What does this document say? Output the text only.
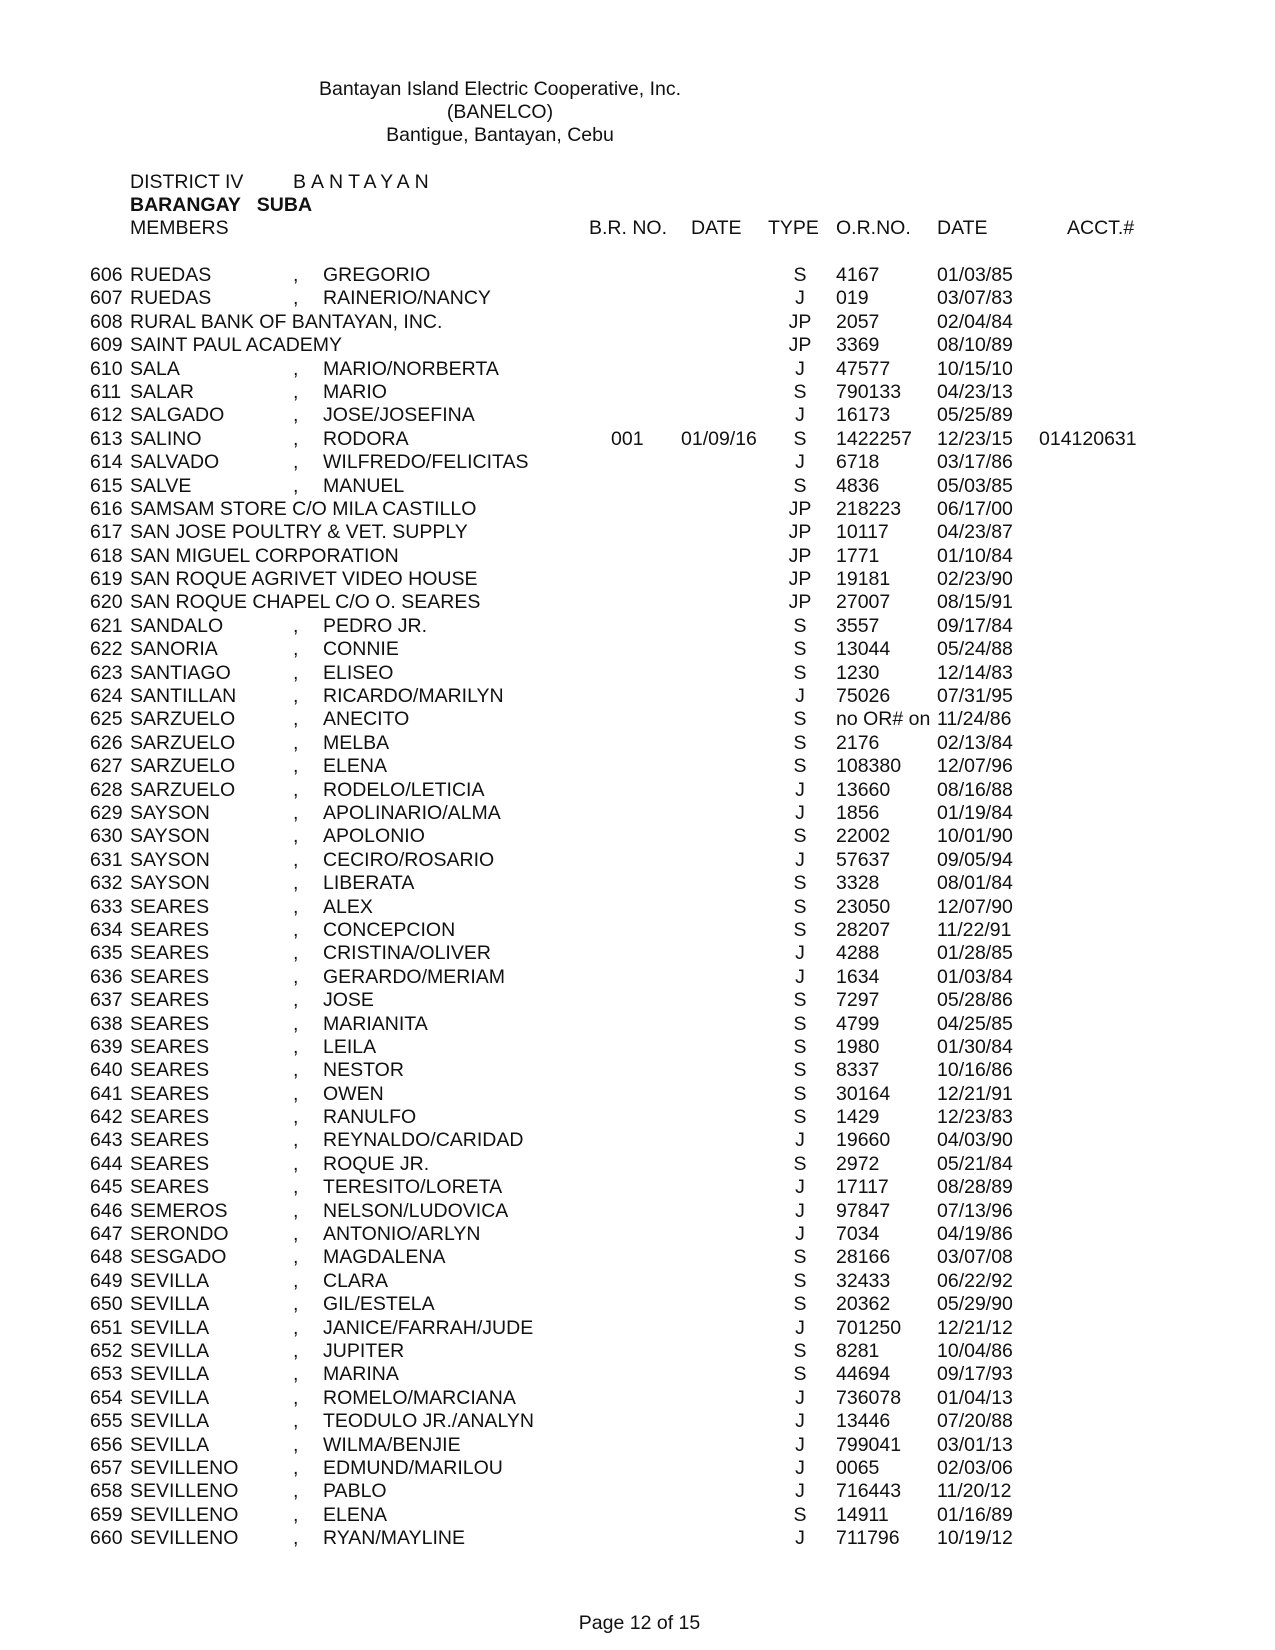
Bantayan Island Electric Cooperative, Inc.
(BANELCO)
Bantigue, Bantayan, Cebu
DISTRICT IV	BANTAYAN
BARANGAY   SUBA
MEMBERS	B.R. NO. DATE TYPE O.R.NO. DATE	ACCT.#
606 RUEDAS	, GREGORIO	S	4167	01/03/85
607 RUEDAS	, RAINERIO/NANCY	J	019	03/07/83
608 RURAL BANK OF BANTAYAN, INC.	JP	2057	02/04/84
609 SAINT PAUL ACADEMY	JP	3369	08/10/89
610 SALA	, MARIO/NORBERTA	J	47577 10/15/10
611 SALAR	, MARIO	S	790133 04/23/13
612 SALGADO	, JOSE/JOSEFINA	J	16173 05/25/89
613 SALINO	, RODORA	001 01/09/16	S	1422257 12/23/15 014120631
614 SALVADO	, WILFREDO/FELICITAS	J	6718	03/17/86
615 SALVE	, MANUEL	S	4836	05/03/85
616 SAMSAM STORE C/O MILA CASTILLO	JP	218223 06/17/00
617 SAN JOSE POULTRY & VET. SUPPLY	JP	10117 04/23/87
618 SAN MIGUEL CORPORATION	JP	1771	01/10/84
619 SAN ROQUE AGRIVET VIDEO HOUSE	JP	19181 02/23/90
620 SAN ROQUE CHAPEL C/O O. SEARES	JP	27007 08/15/91
621 SANDALO	, PEDRO JR.	S	3557	09/17/84
622 SANORIA	, CONNIE	S	13044 05/24/88
623 SANTIAGO	, ELISEO	S	1230	12/14/83
624 SANTILLAN	, RICARDO/MARILYN	J	75026 07/31/95
625 SARZUELO	, ANECITO	S	no OR# on 11/24/86
626 SARZUELO	, MELBA	S	2176	02/13/84
627 SARZUELO	, ELENA	S	108380 12/07/96
628 SARZUELO	, RODELO/LETICIA	J	13660 08/16/88
629 SAYSON	, APOLINARIO/ALMA	J	1856	01/19/84
630 SAYSON	, APOLONIO	S	22002 10/01/90
631 SAYSON	, CECIRO/ROSARIO	J	57637 09/05/94
632 SAYSON	, LIBERATA	S	3328	08/01/84
633 SEARES	, ALEX	S	23050 12/07/90
634 SEARES	, CONCEPCION	S	28207 11/22/91
635 SEARES	, CRISTINA/OLIVER	J	4288	01/28/85
636 SEARES	, GERARDO/MERIAM	J	1634	01/03/84
637 SEARES	, JOSE	S	7297	05/28/86
638 SEARES	, MARIANITA	S	4799	04/25/85
639 SEARES	, LEILA	S	1980	01/30/84
640 SEARES	, NESTOR	S	8337	10/16/86
641 SEARES	, OWEN	S	30164 12/21/91
642 SEARES	, RANULFO	S	1429	12/23/83
643 SEARES	, REYNALDO/CARIDAD	J	19660 04/03/90
644 SEARES	, ROQUE JR.	S	2972	05/21/84
645 SEARES	, TERESITO/LORETA	J	17117 08/28/89
646 SEMEROS	, NELSON/LUDOVICA	J	97847 07/13/96
647 SERONDO	, ANTONIO/ARLYN	J	7034	04/19/86
648 SESGADO	, MAGDALENA	S	28166 03/07/08
649 SEVILLA	, CLARA	S	32433 06/22/92
650 SEVILLA	, GIL/ESTELA	S	20362 05/29/90
651 SEVILLA	, JANICE/FARRAH/JUDE	J	701250 12/21/12
652 SEVILLA	, JUPITER	S	8281	10/04/86
653 SEVILLA	, MARINA	S	44694 09/17/93
654 SEVILLA	, ROMELO/MARCIANA	J	736078 01/04/13
655 SEVILLA	, TEODULO JR./ANALYN	J	13446 07/20/88
656 SEVILLA	, WILMA/BENJIE	J	799041 03/01/13
657 SEVILLENO	, EDMUND/MARILOU	J	0065	02/03/06
658 SEVILLENO	, PABLO	J	716443 11/20/12
659 SEVILLENO	, ELENA	S	14911 01/16/89
660 SEVILLENO	, RYAN/MAYLINE	J	711796 10/19/12
Page 12 of 15
